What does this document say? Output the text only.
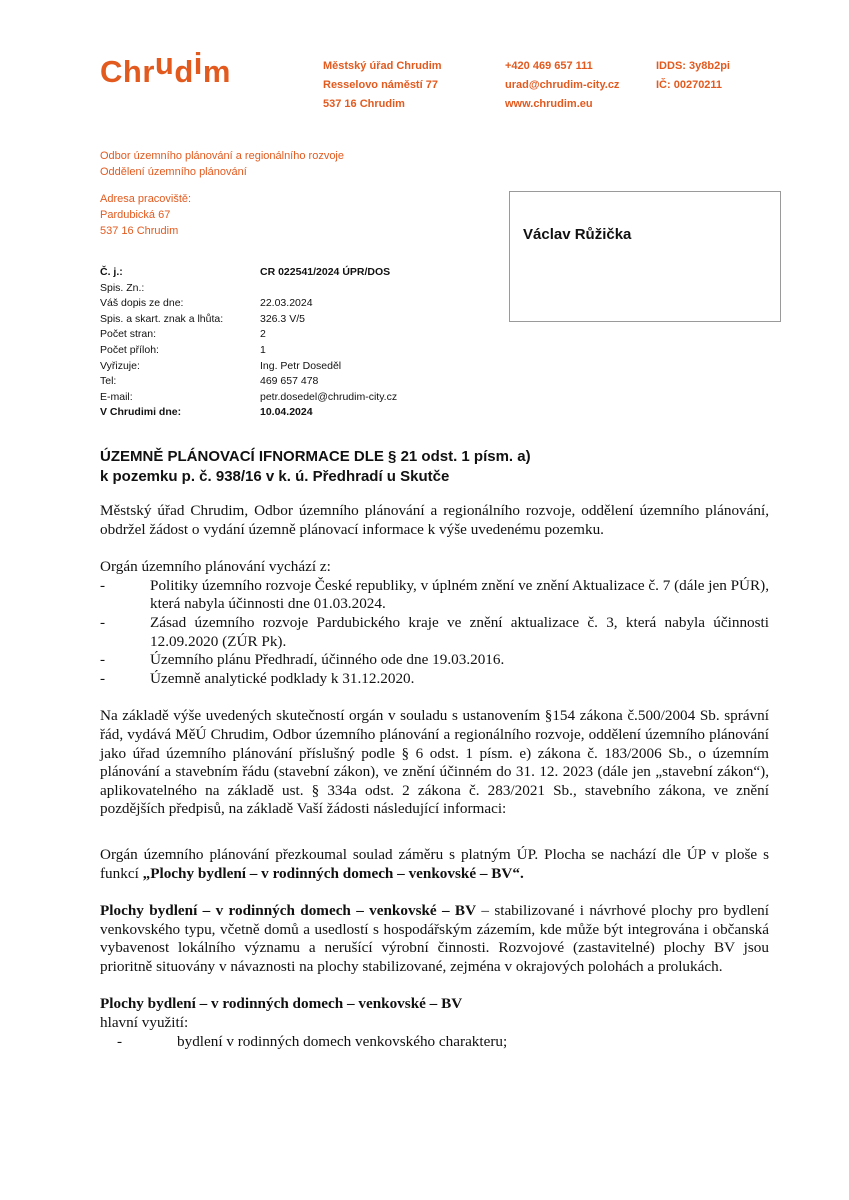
Chrudim	Městský úřad Chrudim
Resselovo náměstí 77
537 16 Chrudim
+420 469 657 111
urad@chrudim-city.cz
www.chrudim.eu
IDDS: 3y8b2pi
IČ: 00270211
Odbor územního plánování a regionálního rozvoje
Oddělení územního plánování
Adresa pracoviště:
Pardubická 67
537 16 Chrudim	Václav Růžička
Č. j.:	CR 022541/2024 ÚPR/DOS
Spis. Zn.:
Váš dopis ze dne:	22.03.2024
Spis. a skart. znak a lhůta:	326.3 V/5
Počet stran:	2
Počet příloh:	1
Vyřizuje:	Ing. Petr Doseděl
Tel:	469 657 478
E-mail:	petr.dosedel@chrudim-city.cz
V Chrudimi dne:	10.04.2024
ÚZEMNĚ PLÁNOVACÍ IFNORMACE DLE § 21 odst. 1 písm. a)
k pozemku p. č. 938/16 v k. ú. Předhradí u Skutče

Městský úřad Chrudim, Odbor územního plánování a regionálního rozvoje, oddělení územního plánování, obdržel žádost o vydání územně plánovací informace k výše uvedenému pozemku.

Orgán územního plánování vychází z:

-	Politiky územního rozvoje České republiky, v úplném znění ve znění Aktualizace č. 7 (dále jen PÚR), která nabyla účinnosti dne 01.03.2024.
-	Zásad územního rozvoje Pardubického kraje ve znění aktualizace č. 3, která nabyla účinnosti 12.09.2020 (ZÚR Pk).
-	Územního plánu Předhradí, účinného ode dne 19.03.2016.
-	Územně analytické podklady k 31.12.2020.

Na základě výše uvedených skutečností orgán v souladu s ustanovením §154 zákona č.500/2004 Sb. správní řád, vydává MěÚ Chrudim, Odbor územního plánování a regionálního rozvoje, oddělení územního plánování jako úřad územního plánování příslušný podle § 6 odst. 1 písm. e) zákona č. 183/2006 Sb., o územním plánování a stavebním řádu (stavební zákon), ve znění účinném do 31. 12. 2023 (dále jen „stavební zákon“), aplikovatelného na základě ust. § 334a odst. 2 zákona č. 283/2021 Sb., stavebního zákona, ve znění pozdějších předpisů, na základě Vaší žádosti následující informaci:

Orgán územního plánování přezkoumal soulad záměru s platným ÚP. Plocha se nachází dle ÚP v ploše s funkcí „Plochy bydlení – v rodinných domech – venkovské – BV“.

Plochy bydlení – v rodinných domech – venkovské – BV – stabilizované i návrhové plochy pro bydlení venkovského typu, včetně domů a usedlostí s hospodářským zázemím, kde může být integrována i občanská vybavenost lokálního významu a nerušící výrobní činnosti. Rozvojové (zastavitelné) plochy BV jsou prioritně situovány v návaznosti na plochy stabilizované, zejména v okrajových polohách a prolukách.

Plochy bydlení – v rodinných domech – venkovské – BV

hlavní využití:

-	bydlení v rodinných domech venkovského charakteru;
